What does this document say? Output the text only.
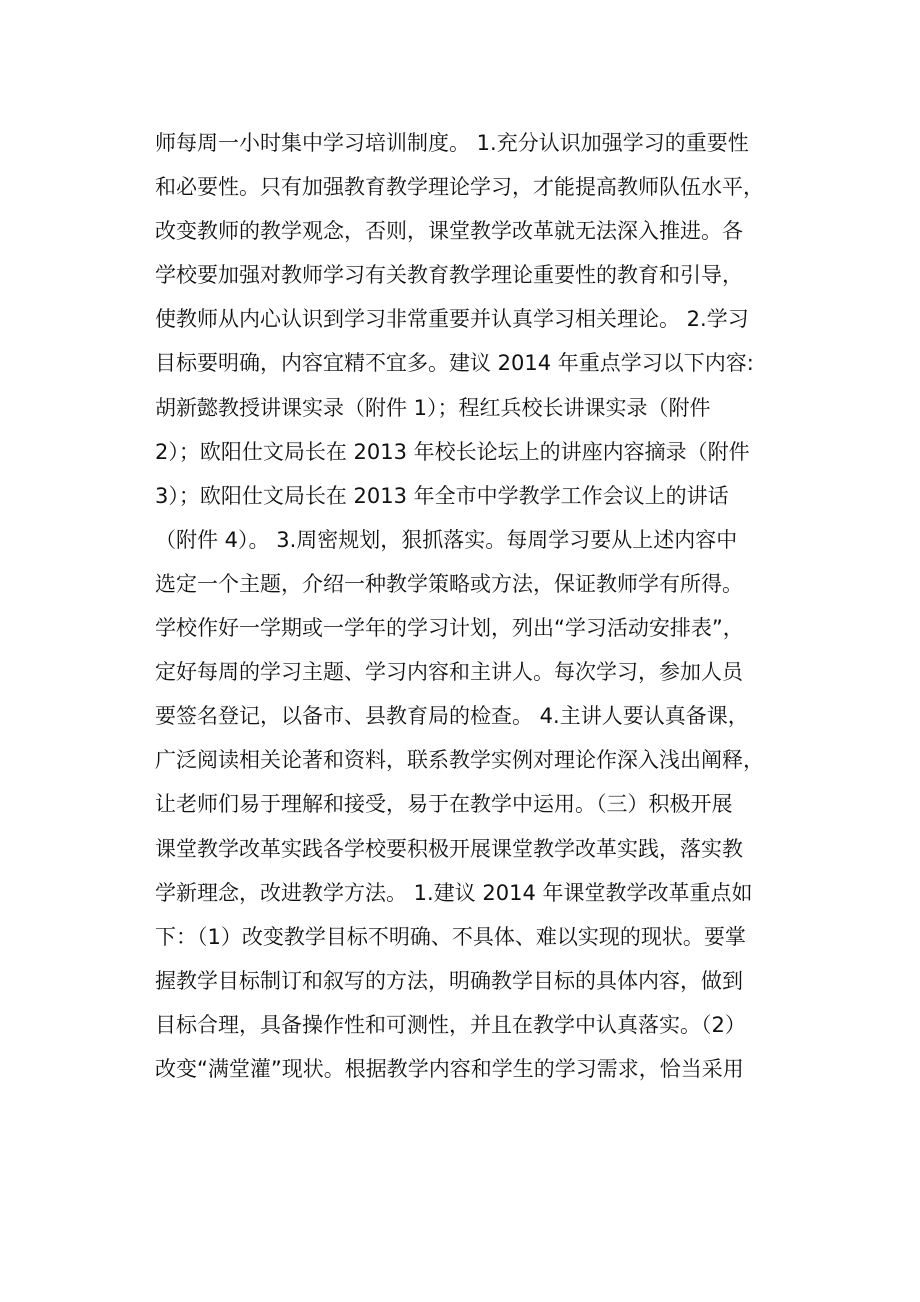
师每周一小时集中学习培训制度。 1.充分认识加强学习的重要性
和必要性。只有加强教育教学理论学习，才能提高教师队伍水平，
改变教师的教学观念，否则，课堂教学改革就无法深入推进。各
学校要加强对教师学习有关教育教学理论重要性的教育和引导，
使教师从内心认识到学习非常重要并认真学习相关理论。 2.学习
目标要明确，内容宜精不宜多。建议 2014 年重点学习以下内容:
胡新懿教授讲课实录（附件 1）；程红兵校长讲课实录（附件
2）；欧阳仕文局长在 2013 年校长论坛上的讲座内容摘录（附件
3）；欧阳仕文局长在 2013 年全市中学教学工作会议上的讲话
（附件 4）。 3.周密规划，狠抓落实。每周学习要从上述内容中
选定一个主题，介绍一种教学策略或方法，保证教师学有所得。
学校作好一学期或一学年的学习计划，列出“学习活动安排表”，
定好每周的学习主题、学习内容和主讲人。每次学习，参加人员
要签名登记，以备市、县教育局的检查。 4.主讲人要认真备课，
广泛阅读相关论著和资料，联系教学实例对理论作深入浅出阐释，
让老师们易于理解和接受，易于在教学中运用。（三）积极开展
课堂教学改革实践各学校要积极开展课堂教学改革实践，落实教
学新理念，改进教学方法。 1.建议 2014 年课堂教学改革重点如
下：（1）改变教学目标不明确、不具体、难以实现的现状。要掌
握教学目标制订和叙写的方法，明确教学目标的具体内容，做到
目标合理，具备操作性和可测性，并且在教学中认真落实。（2）
改变“满堂灌”现状。根据教学内容和学生的学习需求，恰当采用
